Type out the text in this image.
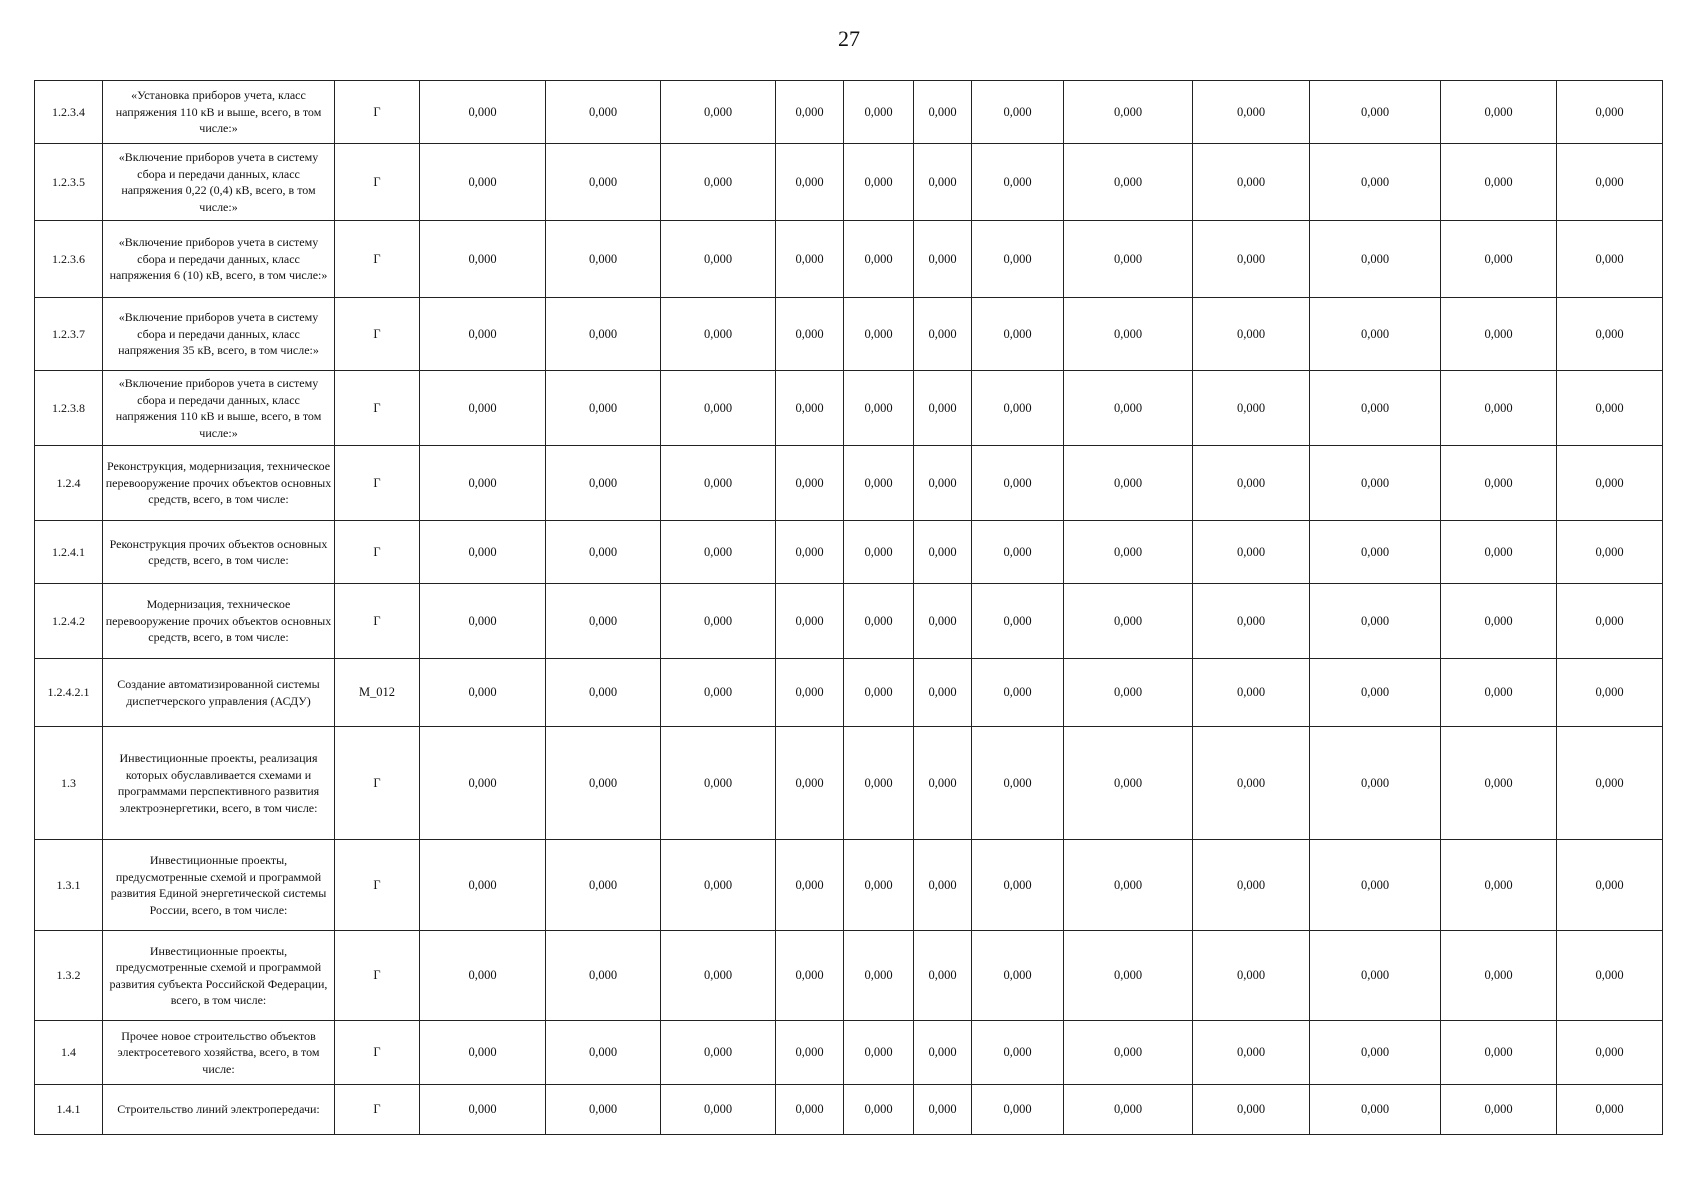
27
1.2.3.4	«Установка приборов учета, класс напряжения 110 кВ и выше, всего, в том числе:»	Г	0,000	0,000	0,000	0,000	0,000	0,000	0,000	0,000	0,000	0,000	0,000	0,000
1.2.3.5	«Включение приборов учета в систему сбора и передачи данных, класс напряжения 0,22 (0,4) кВ, всего, в том числе:»	Г	0,000	0,000	0,000	0,000	0,000	0,000	0,000	0,000	0,000	0,000	0,000	0,000
1.2.3.6	«Включение приборов учета в систему сбора и передачи данных, класс напряжения 6 (10) кВ, всего, в том числе:»	Г	0,000	0,000	0,000	0,000	0,000	0,000	0,000	0,000	0,000	0,000	0,000	0,000
1.2.3.7	«Включение приборов учета в систему сбора и передачи данных, класс напряжения 35 кВ, всего, в том числе:»	Г	0,000	0,000	0,000	0,000	0,000	0,000	0,000	0,000	0,000	0,000	0,000	0,000
1.2.3.8	«Включение приборов учета в систему сбора и передачи данных, класс напряжения 110 кВ и выше, всего, в том числе:»	Г	0,000	0,000	0,000	0,000	0,000	0,000	0,000	0,000	0,000	0,000	0,000	0,000
1.2.4	Реконструкция, модернизация, техническое перевооружение прочих объектов основных средств, всего, в том числе:	Г	0,000	0,000	0,000	0,000	0,000	0,000	0,000	0,000	0,000	0,000	0,000	0,000
1.2.4.1	Реконструкция прочих объектов основных средств, всего, в том числе:	Г	0,000	0,000	0,000	0,000	0,000	0,000	0,000	0,000	0,000	0,000	0,000	0,000
1.2.4.2	Модернизация, техническое перевооружение прочих объектов основных средств, всего, в том числе:	Г	0,000	0,000	0,000	0,000	0,000	0,000	0,000	0,000	0,000	0,000	0,000	0,000
1.2.4.2.1	Создание автоматизированной системы диспетчерского управления (АСДУ)	M_012	0,000	0,000	0,000	0,000	0,000	0,000	0,000	0,000	0,000	0,000	0,000	0,000
1.3	Инвестиционные проекты, реализация которых обуславливается схемами и программами перспективного развития электроэнергетики, всего, в том числе:	Г	0,000	0,000	0,000	0,000	0,000	0,000	0,000	0,000	0,000	0,000	0,000	0,000
1.3.1	Инвестиционные проекты, предусмотренные схемой и программой развития Единой энергетической системы России, всего, в том числе:	Г	0,000	0,000	0,000	0,000	0,000	0,000	0,000	0,000	0,000	0,000	0,000	0,000
1.3.2	Инвестиционные проекты, предусмотренные схемой и программой развития субъекта Российской Федерации, всего, в том числе:	Г	0,000	0,000	0,000	0,000	0,000	0,000	0,000	0,000	0,000	0,000	0,000	0,000
1.4	Прочее новое строительство объектов электросетевого хозяйства, всего, в том числе:	Г	0,000	0,000	0,000	0,000	0,000	0,000	0,000	0,000	0,000	0,000	0,000	0,000
1.4.1	Строительство линий электропередачи:	Г	0,000	0,000	0,000	0,000	0,000	0,000	0,000	0,000	0,000	0,000	0,000	0,000
